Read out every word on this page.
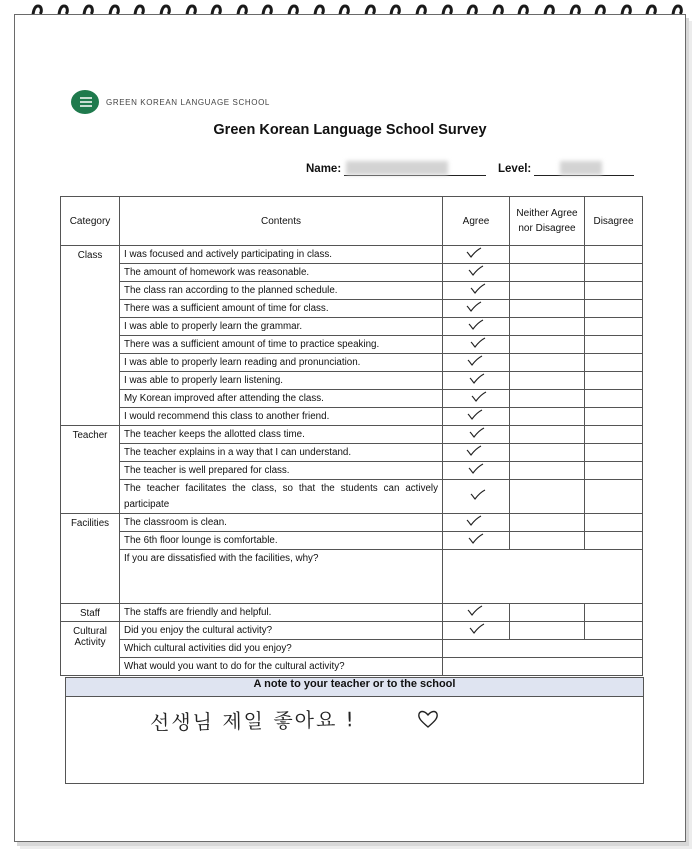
GREEN KOREAN LANGUAGE SCHOOL
Green Korean Language School Survey
Name:
	Level:

Category	Contents	Agree	Neither Agree nor Disagree	Disagree
Class	I was focused and actively participating in class.			
	The amount of homework was reasonable.			
	The class ran according to the planned schedule.			
	There was a sufficient amount of time for class.			
	I was able to properly learn the grammar.			
	There was a sufficient amount of time to practice speaking.			
	I was able to properly learn reading and pronunciation.			
	I was able to properly learn listening.			
	My Korean improved after attending the class.			
	I would recommend this class to another friend.			
Teacher	The teacher keeps the allotted class time.			
	The teacher explains in a way that I can understand.			
	The teacher is well prepared for class.			
	The teacher facilitates the class, so that the students can actively participate			
Facilities	The classroom is clean.			
	The 6th floor lounge is comfortable.			
	If you are dissatisfied with the facilities, why?			
Staff	The staffs are friendly and helpful.			
Cultural Activity	Did you enjoy the cultural activity?			
	Which cultural activities did you enjoy?			
	What would you want to do for the cultural activity?			
A note to your teacher or to the school
선생님 제일 좋아요 !
